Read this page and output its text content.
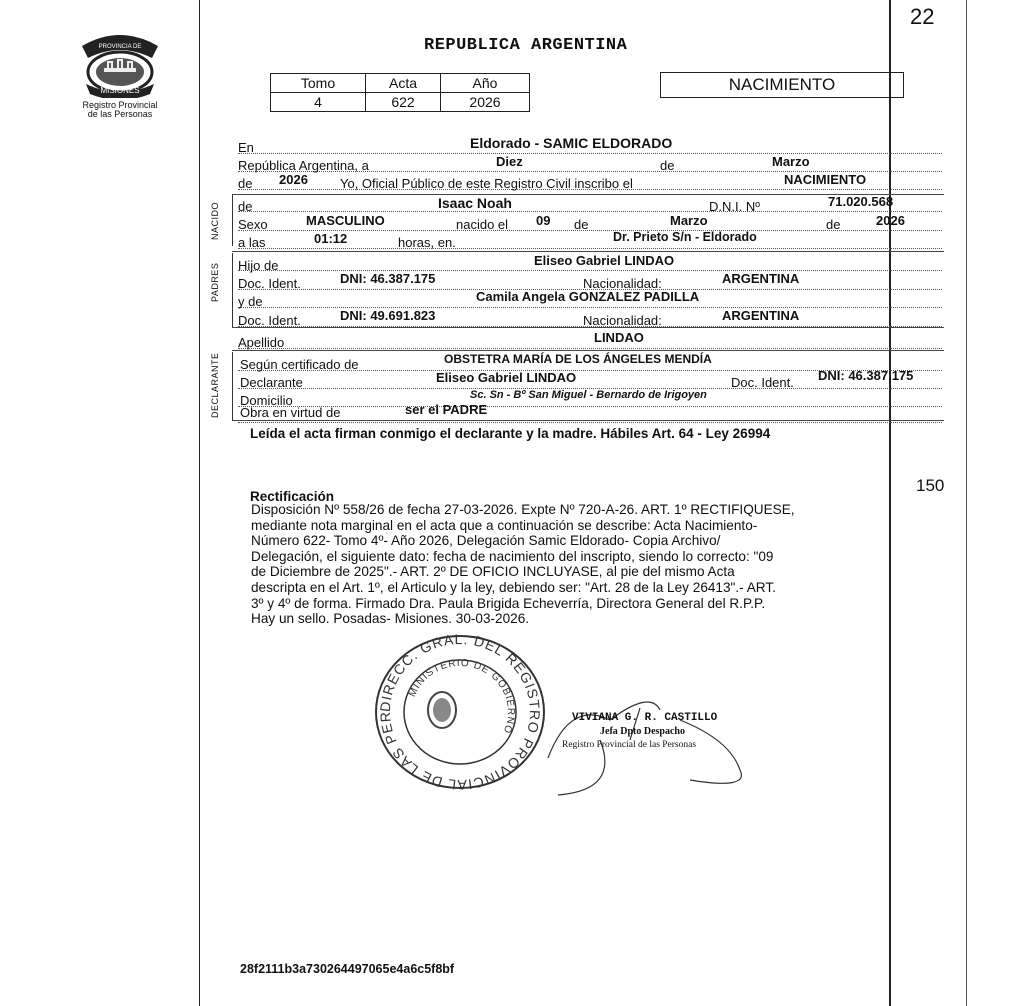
22
PROVINCIA DE
MISIONES
Registro Provincial
de las Personas
REPUBLICA ARGENTINA
Tomo	Acta	Año
4	622	2026
NACIMIENTO
NACIDO
PADRES
DECLARANTE
En	Eldorado - SAMIC ELDORADO
República Argentina, a	Diez	de	Marzo
de 2026 Yo, Oficial Público de este Registro Civil inscribo el	NACIMIENTO
de	Isaac Noah	D.N.I. Nº	71.020.568
Sexo	MASCULINO	nacido el 09 de	Marzo	de	2026
a las	01:12	horas, en.	Dr. Prieto S/n - Eldorado
Hijo de	Eliseo Gabriel LINDAO
Doc. Ident.	DNI: 46.387.175	Nacionalidad:	ARGENTINA
y de	Camila Angela GONZALEZ PADILLA
Doc. Ident.	DNI: 49.691.823	Nacionalidad:	ARGENTINA
Apellido	LINDAO
Según certificado de	OBSTETRA MARÍA DE LOS ÁNGELES MENDÍA
Declarante	Eliseo Gabriel LINDAO	Doc. Ident. DNI: 46.387.175
Domicilio	Sc. Sn - Bº San Miguel - Bernardo de Irigoyen
Obra en virtud de	ser el PADRE
Leída el acta firman conmigo el declarante y la madre. Hábiles Art. 64 - Ley 26994
150
Rectificación
Disposición Nº 558/26 de fecha 27-03-2026. Expte Nº 720-A-26. ART. 1º RECTIFIQUESE,
mediante nota marginal en el acta que a continuación se describe: Acta Nacimiento-
Número 622- Tomo 4º- Año 2026, Delegación Samic Eldorado- Copia Archivo/
Delegación, el siguiente dato: fecha de nacimiento del inscripto, siendo lo correcto: "09
de Diciembre de 2025".- ART. 2º DE OFICIO INCLUYASE, al pie del mismo Acta
descripta en el Art. 1º, el Articulo y la ley, debiendo ser: "Art. 28 de la Ley 26413".- ART.
3º y 4º de forma. Firmado Dra. Paula Brigida Echeverría, Directora General del R.P.P.
Hay un sello. Posadas- Misiones. 30-03-2026.
DIRECC. GRAL. DEL REGISTRO PROVINCIAL DE LAS PER
MINISTERIO DE GOBIERNO
VIVIANA G. R. CASTILLO
Jefa Dpto Despacho
Registro Provincial de las Personas
28f2111b3a730264497065e4a6c5f8bf
